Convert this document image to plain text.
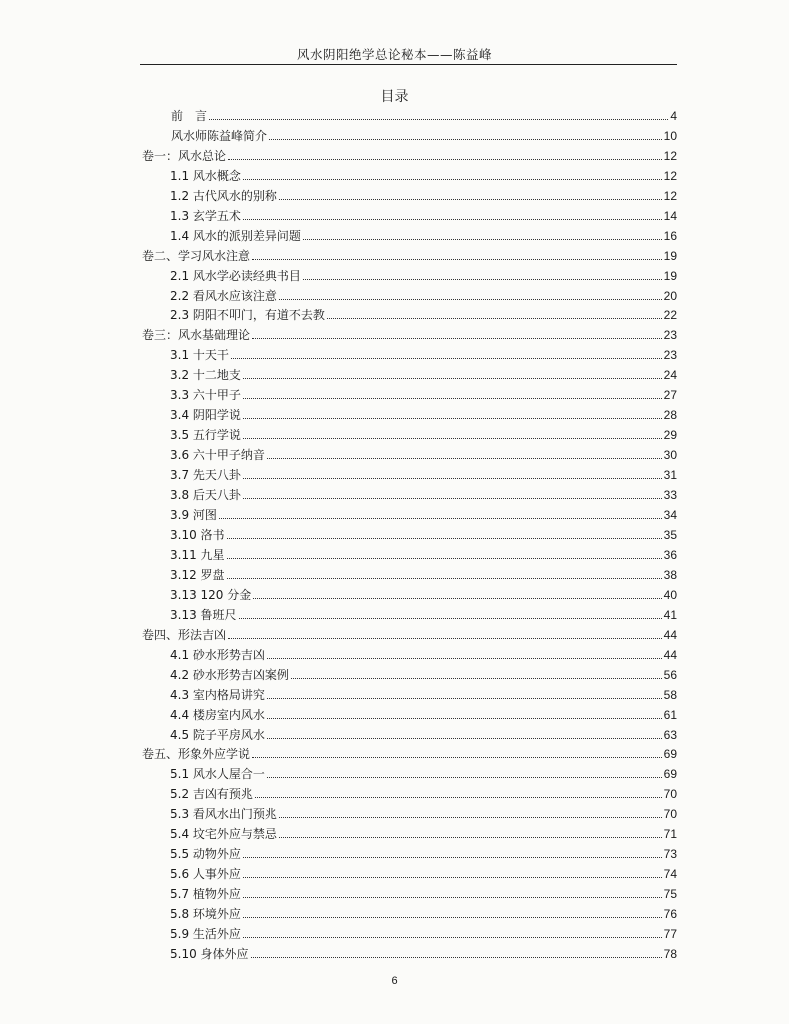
风水阴阳绝学总论秘本——陈益峰
目录
前　言	4
风水师陈益峰简介	10
卷一：风水总论	12
1.1 风水概念	12
1.2 古代风水的别称	12
1.3 玄学五术	14
1.4 风水的派别差异问题	16
卷二、学习风水注意	19
2.1 风水学必读经典书目	19
2.2 看风水应该注意	20
2.3 阴阳不叩门，有道不去教	22
卷三：风水基础理论	23
3.1 十天干	23
3.2 十二地支	24
3.3 六十甲子	27
3.4 阴阳学说	28
3.5 五行学说	29
3.6 六十甲子纳音	30
3.7 先天八卦	31
3.8 后天八卦	33
3.9 河图	34
3.10 洛书	35
3.11 九星	36
3.12 罗盘	38
3.13 120 分金	40
3.13 鲁班尺	41
卷四、形法吉凶	44
4.1 砂水形势吉凶	44
4.2 砂水形势吉凶案例	56
4.3 室内格局讲究	58
4.4 楼房室内风水	61
4.5 院子平房风水	63
卷五、形象外应学说	69
5.1 风水人屋合一	69
5.2 吉凶有预兆	70
5.3 看风水出门预兆	70
5.4 坟宅外应与禁忌	71
5.5 动物外应	73
5.6 人事外应	74
5.7 植物外应	75
5.8 环境外应	76
5.9 生活外应	77
5.10 身体外应	78
6
